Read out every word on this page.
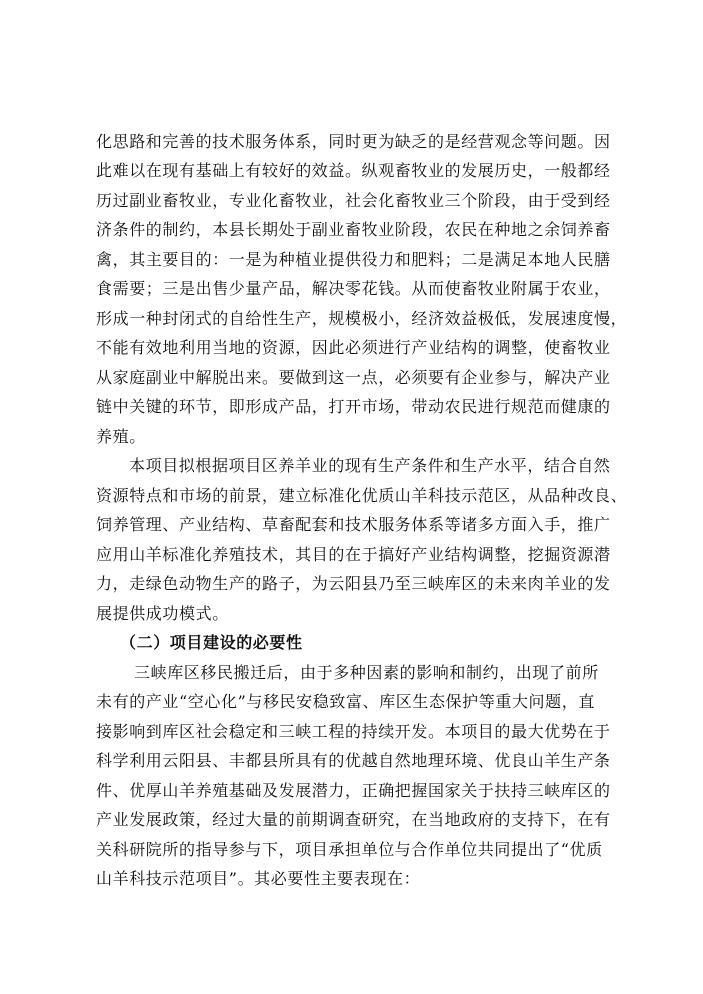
化思路和完善的技术服务体系，同时更为缺乏的是经营观念等问题。因
此难以在现有基础上有较好的效益。纵观畜牧业的发展历史，一般都经
历过副业畜牧业，专业化畜牧业，社会化畜牧业三个阶段，由于受到经
济条件的制约，本县长期处于副业畜牧业阶段，农民在种地之余饲养畜
禽，其主要目的：一是为种植业提供役力和肥料；二是满足本地人民膳
食需要；三是出售少量产品，解决零花钱。从而使畜牧业附属于农业，
形成一种封闭式的自给性生产，规模极小，经济效益极低，发展速度慢，
不能有效地利用当地的资源，因此必须进行产业结构的调整，使畜牧业
从家庭副业中解脱出来。要做到这一点，必须要有企业参与，解决产业
链中关键的环节，即形成产品，打开市场，带动农民进行规范而健康的
养殖。
本项目拟根据项目区养羊业的现有生产条件和生产水平，结合自然
资源特点和市场的前景，建立标准化优质山羊科技示范区，从品种改良、
饲养管理、产业结构、草畜配套和技术服务体系等诸多方面入手，推广
应用山羊标准化养殖技术，其目的在于搞好产业结构调整，挖掘资源潜
力，走绿色动物生产的路子，为云阳县乃至三峡库区的未来肉羊业的发
展提供成功模式。
（二）项目建设的必要性
三峡库区移民搬迁后，由于多种因素的影响和制约，出现了前所
未有的产业“空心化”与移民安稳致富、库区生态保护等重大问题，直
接影响到库区社会稳定和三峡工程的持续开发。本项目的最大优势在于
科学利用云阳县、丰都县所具有的优越自然地理环境、优良山羊生产条
件、优厚山羊养殖基础及发展潜力，正确把握国家关于扶持三峡库区的
产业发展政策，经过大量的前期调查研究，在当地政府的支持下，在有
关科研院所的指导参与下，项目承担单位与合作单位共同提出了“优质
山羊科技示范项目”。其必要性主要表现在：
